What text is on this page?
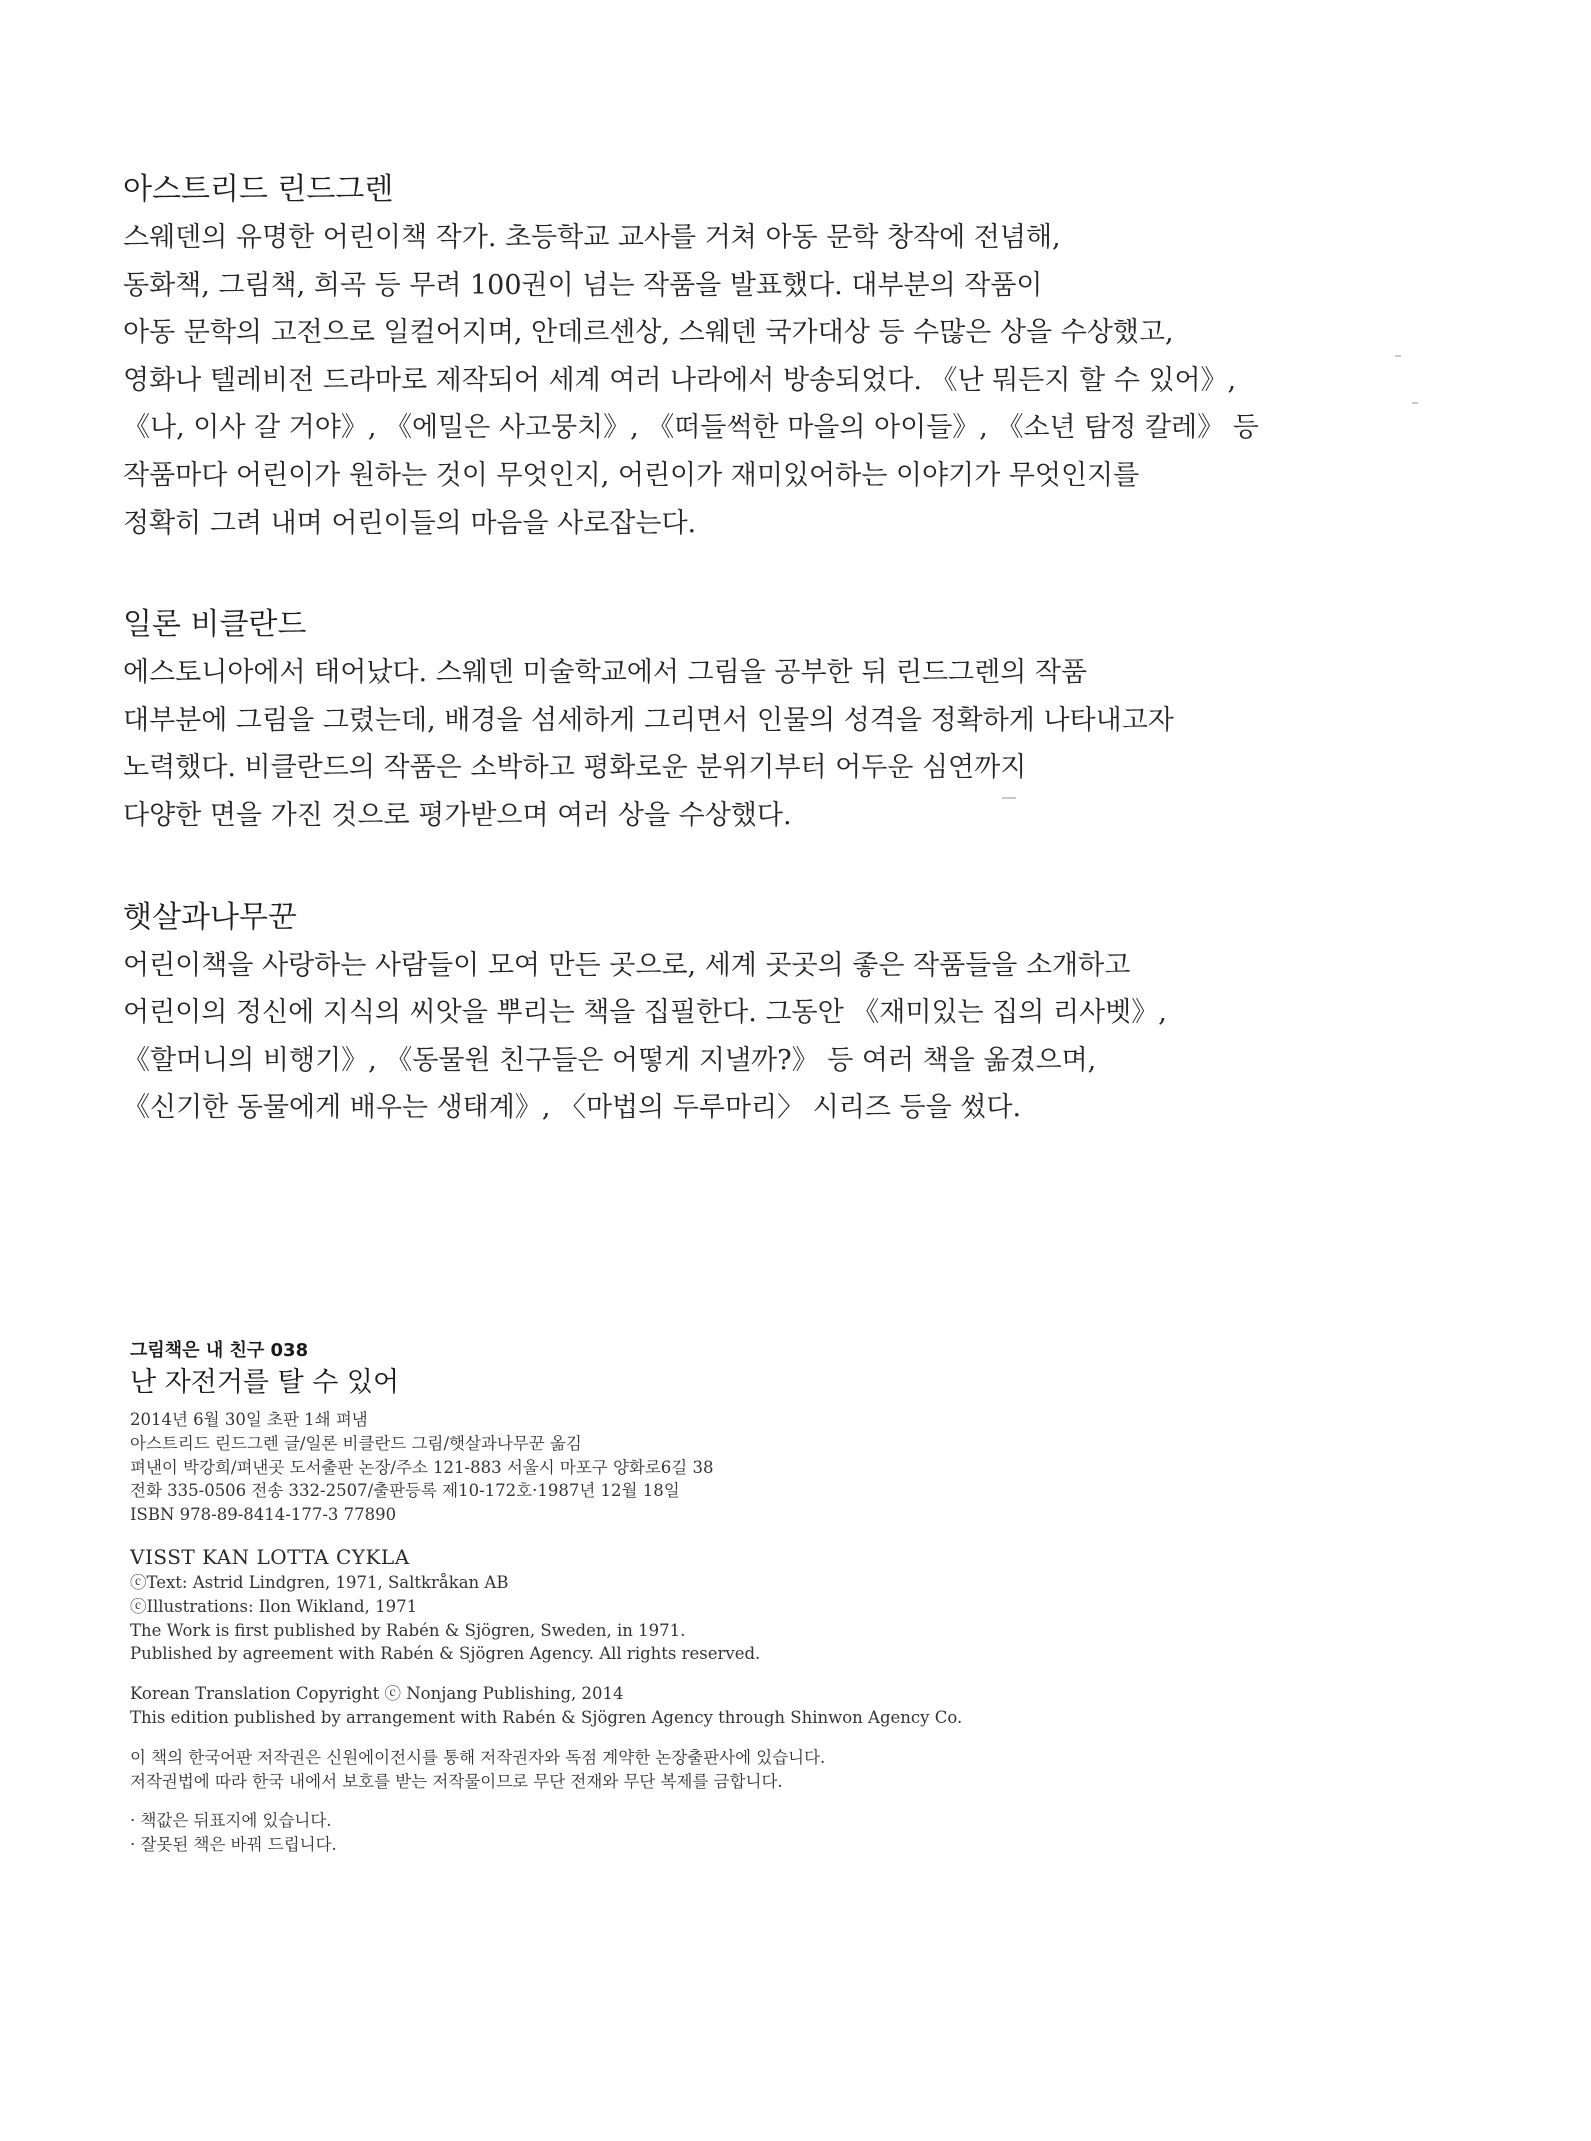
아스트리드 린드그렌

스웨덴의 유명한 어린이책 작가. 초등학교 교사를 거쳐 아동 문학 창작에 전념해,

동화책, 그림책, 희곡 등 무려 100권이 넘는 작품을 발표했다. 대부분의 작품이

아동 문학의 고전으로 일컬어지며, 안데르센상, 스웨덴 국가대상 등 수많은 상을 수상했고,

영화나 텔레비전 드라마로 제작되어 세계 여러 나라에서 방송되었다. 《난 뭐든지 할 수 있어》,

《나, 이사 갈 거야》, 《에밀은 사고뭉치》, 《떠들썩한 마을의 아이들》, 《소년 탐정 칼레》 등

작품마다 어린이가 원하는 것이 무엇인지, 어린이가 재미있어하는 이야기가 무엇인지를

정확히 그려 내며 어린이들의 마음을 사로잡는다.

일론 비클란드

에스토니아에서 태어났다. 스웨덴 미술학교에서 그림을 공부한 뒤 린드그렌의 작품

대부분에 그림을 그렸는데, 배경을 섬세하게 그리면서 인물의 성격을 정확하게 나타내고자

노력했다. 비클란드의 작품은 소박하고 평화로운 분위기부터 어두운 심연까지

다양한 면을 가진 것으로 평가받으며 여러 상을 수상했다.

햇살과나무꾼

어린이책을 사랑하는 사람들이 모여 만든 곳으로, 세계 곳곳의 좋은 작품들을 소개하고

어린이의 정신에 지식의 씨앗을 뿌리는 책을 집필한다. 그동안 《재미있는 집의 리사벳》,

《할머니의 비행기》, 《동물원 친구들은 어떻게 지낼까?》 등 여러 책을 옮겼으며,

《신기한 동물에게 배우는 생태계》, 〈마법의 두루마리〉 시리즈 등을 썼다.

그림책은 내 친구 038
난 자전거를 탈 수 있어
2014년 6월 30일 초판 1쇄 펴냄
아스트리드 린드그렌 글/일론 비클란드 그림/햇살과나무꾼 옮김
펴낸이 박강희/펴낸곳 도서출판 논장/주소 121-883 서울시 마포구 양화로6길 38
전화 335-0506 전송 332-2507/출판등록 제10-172호·1987년 12월 18일
ISBN 978-89-8414-177-3 77890
VISST KAN LOTTA CYKLA
ⓒText: Astrid Lindgren, 1971, Saltkråkan AB
ⓒIllustrations: Ilon Wikland, 1971
The Work is first published by Rabén & Sjögren, Sweden, in 1971.
Published by agreement with Rabén & Sjögren Agency. All rights reserved.
Korean Translation Copyright ⓒ Nonjang Publishing, 2014
This edition published by arrangement with Rabén & Sjögren Agency through Shinwon Agency Co.
이 책의 한국어판 저작권은 신원에이전시를 통해 저작권자와 독점 계약한 논장출판사에 있습니다.
저작권법에 따라 한국 내에서 보호를 받는 저작물이므로 무단 전재와 무단 복제를 금합니다.
· 책값은 뒤표지에 있습니다.
· 잘못된 책은 바꿔 드립니다.
